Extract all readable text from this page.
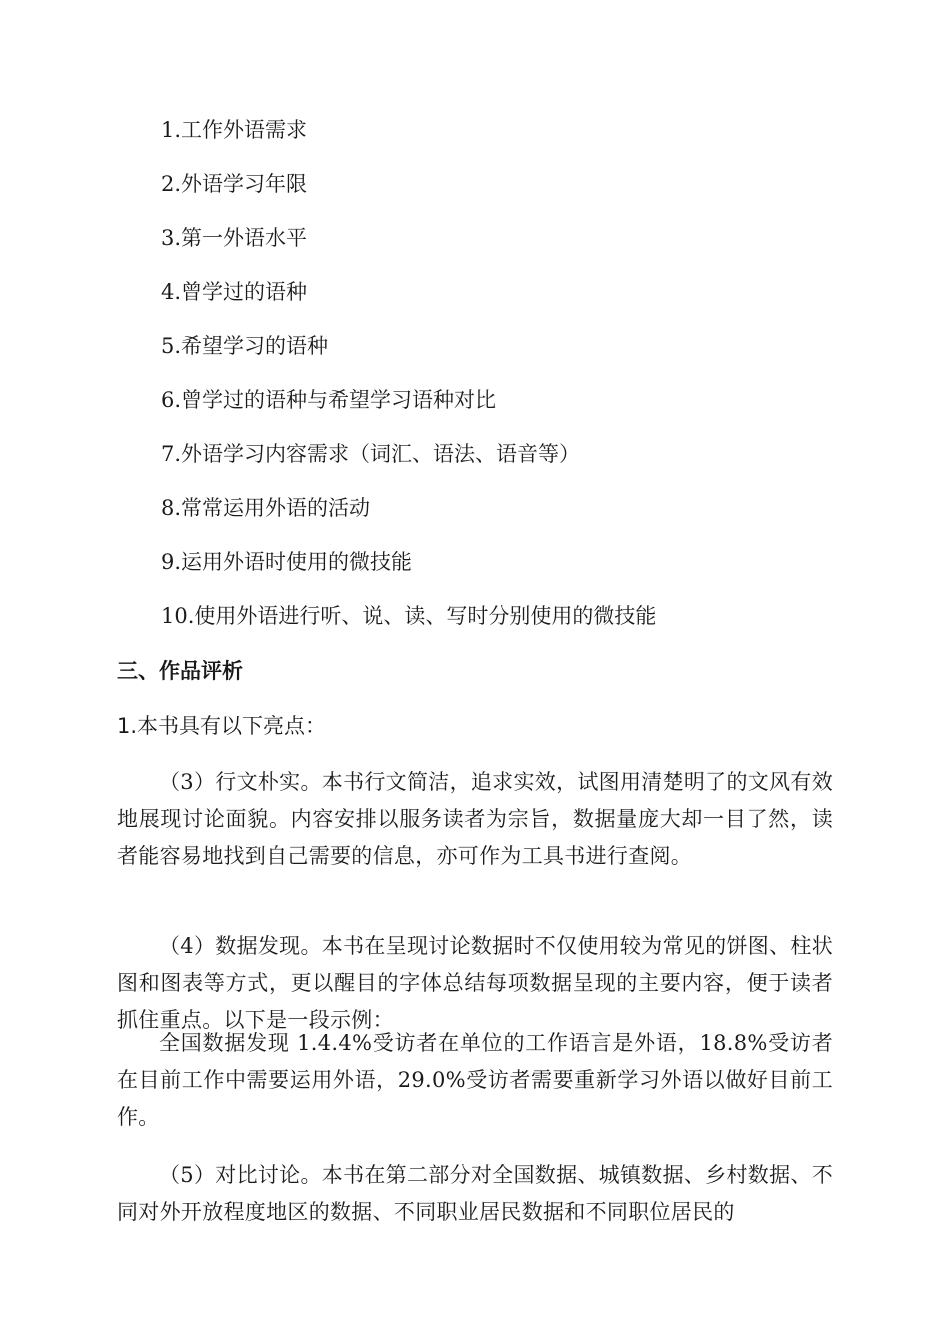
1.工作外语需求
2.外语学习年限
3.第一外语水平
4.曾学过的语种
5.希望学习的语种
6.曾学过的语种与希望学习语种对比
7.外语学习内容需求（词汇、语法、语音等）
8.常常运用外语的活动
9.运用外语时使用的微技能
10.使用外语进行听、说、读、写时分别使用的微技能
三、作品评析
1.本书具有以下亮点：
（3）行文朴实。本书行文简洁，追求实效，试图用清楚明了的文风有效地展现讨论面貌。内容安排以服务读者为宗旨，数据量庞大却一目了然，读者能容易地找到自己需要的信息，亦可作为工具书进行查阅。
（4）数据发现。本书在呈现讨论数据时不仅使用较为常见的饼图、柱状图和图表等方式，更以醒目的字体总结每项数据呈现的主要内容，便于读者抓住重点。以下是一段示例：
全国数据发现 1.4.4%受访者在单位的工作语言是外语，18.8%受访者在目前工作中需要运用外语，29.0%受访者需要重新学习外语以做好目前工作。
（5）对比讨论。本书在第二部分对全国数据、城镇数据、乡村数据、不同对外开放程度地区的数据、不同职业居民数据和不同职位居民的
